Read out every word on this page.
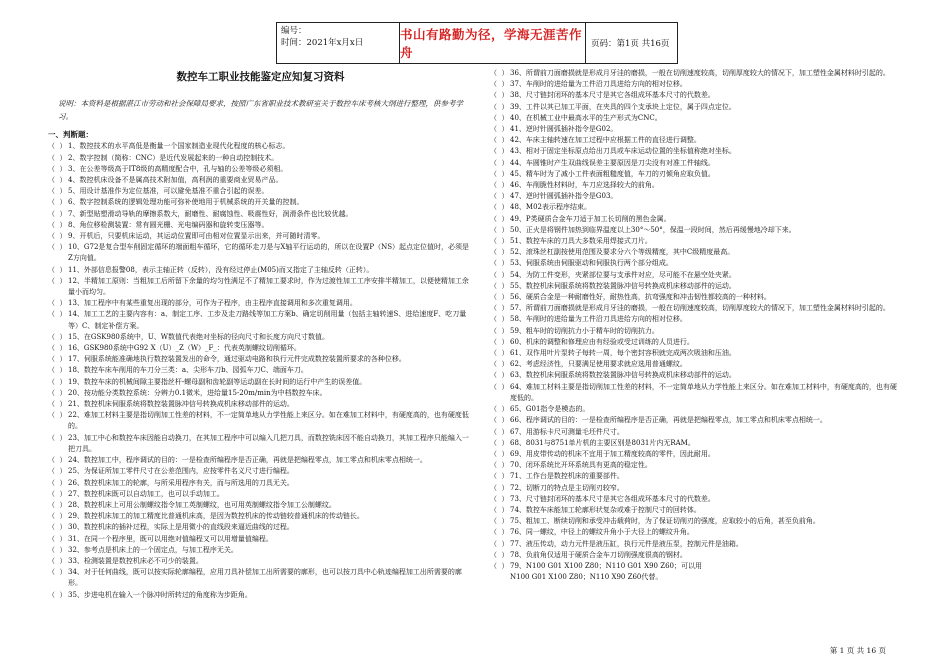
编号：
时间：2021年x月x日
书山有路勤为径，学海无涯苦作舟
页码：第1页 共16页
数控车工职业技能鉴定应知复习资料
说明：本资料是根据湛江市劳动和社会保障局要求，按照广东省职业技术教研室关于数控车床考核大纲进行整理，供参考学习。
一、判断题：
（  ） 1、数控技术的水平高低是衡量一个国家制造业现代化程度的核心标志。
（  ） 2、数字控制（简称：CNC）是近代发展起来的一种自动控制技术。
（  ） 3、在公差等级高于IT8级的高精度配合中，孔与轴的公差等级必须相。
（  ） 4、数控机床设备不是属高技术附加值，高利润的重要商业贸易产品。
（  ） 5、用设计基准作为定位基准，可以避免基准不重合引起的误差。
（  ） 6、数字控制系统的逻辑处理功能可弥补使地用于机械系统的开关量的控制。
（  ） 7、新型贴塑滑动导轨的摩擦系数大，耐磨性、耐腐蚀性、吸震性好，润滑条件也比较优越。
（  ） 8、角位移检测装置：常有圆光栅、光电编码器和旋转变压器等。
（  ） 9、开机后，只要机床运动，其运动位置即可由相对位置显示出来，并可随时清零。
（  ） 10、G72是复合型车削固定循环的端面粗车循环，它的循环走刀是与X轴平行运动的，所以在设置P（NS）起点定位值时，必须是Z方向值。
（  ） 11、外部信息报警08，表示主轴正转（反转），没有经过停止(M05)而又指定了主轴反转（正转）。
（  ） 12、半精加工原则：当粗加工后所留下余量的均匀性满足不了精加工要求时，作为过渡性加工工序安排半精加工，以便使精加工余量小而均匀。
（  ） 13、加工程序中有某些重复出现的部分，可作为子程序，由主程序直接调用和多次重复调用。
（  ） 14、加工工艺的主要内容有：a、制定工序、工步及走刀路线等加工方案b、确定切削用量（包括主轴转速S、进给速度F、吃刀量等）C、制定补偿方案。
（  ） 15、在GSK980系统中，U、W数值代表绝对坐标的径向尺寸和长度方向尺寸数值。
（  ） 16、GSK980系统中G92 X（U）_Z（W）_F_：代表英制螺纹切削循环。
（  ） 17、伺服系统能准确地执行数控装置发出的命令，通过驱动电路和执行元件完成数控装置所要求的各种位移。
（  ） 18、数控车床车削用的车刀分三类：a、尖形车刀b、园弧车刀C、端面车刀。
（  ） 19、数控车床的机械间隙主要指丝杆-螺母副和齿轮副等运动副在长时间的运行中产生的误差值。
（  ） 20、按功能分类数控系统：分辨力0.1微米，进给量15-20m/min为中档数控车床。
（  ） 21、数控机床伺服系统将数控装置脉冲信号转换成机床移动部件的运动。
（  ） 22、难加工材料主要是指切削加工性差的材料，不一定简单地从力学性能上来区分。如在难加工材料中，有硬度高的，也有硬度低的。
（  ） 23、加工中心和数控车床因能自动换刀，在其加工程序中可以编入几把刀具，而数控铣床因不能自动换刀，其加工程序只能编入一把刀具。
（  ） 24、数控加工中，程序调试的目的：一是检查所编程序是否正确，再就是把编程零点，加工零点和机床零点相统一。
（  ） 25、为保证所加工零件尺寸在公差范围内，应按零件名义尺寸进行编程。
（  ） 26、数控机床加工的轮廓，与所采用程序有关，而与所选用的刀具无关。
（  ） 27、数控机床既可以自动加工，也可以手动加工。
（  ） 28、数控机床上可用公制螺纹指令加工英制螺纹，也可用英制螺纹指令加工公制螺纹。
（  ） 29、数控机床加工的加工精度比普通机床高，是因为数控机床的传动链较普通机床的传动链长。
（  ） 30、数控机床的插补过程，实际上是用微小的直线段来逼近曲线的过程。
（  ） 31、在同一个程序里，既可以用绝对值编程又可以用增量值编程。
（  ） 32、参考点是机床上的一个固定点，与加工程序无关。
（  ） 33、检测装置是数控机床必不可少的装置。
（  ） 34、对于任何曲线，既可以按实际轮廓编程，应用刀具补偿加工出所需要的廓形，也可以按刀具中心轨迹编程加工出所需要的廓形。
（  ） 35、步进电机在输入一个脉冲时所转过的角度称为步距角。
（  ） 36、所谓前刀面磨损就是形成月牙洼的磨损，一般在切削速度较高，切削厚度较大的情况下，加工塑性金属材料时引起的。
（  ） 37、车削时的进给量为工件沿刀具进给方向的相对位移。
（  ） 38、尺寸链封闭环的基本尺寸是其它各组成环基本尺寸的代数差。
（  ） 39、工件以其已加工平面，在夹具的四个支承块上定位，属于四点定位。
（  ） 40、在机械工业中最高水平的生产形式为CNC。
（  ） 41、逆时针圆弧插补指令是G02。
（  ） 42、车床主轴转速在加工过程中应根据工件的直径进行调整。
（  ） 43、相对于固定坐标原点给出刀具或车床运动位置的坐标值称绝对坐标。
（  ） 44、车圆锥时产生双曲线误差主要原因是刀尖没有对准工件轴线。
（  ） 45、精车时为了减小工件表面粗糙度值，车刀的刃倾角应取负值。
（  ） 46、车削脆性材料时，车刀应选择较大的前角。
（  ） 47、逆时针圆弧插补指令是G03。
（  ） 48、M02表示程序结束。
（  ） 49、P类硬质合金车刀适于加工长切削的黑色金属。
（  ） 50、正火是将钢件加热到临界温度以上30°～50°，保温一段时间，然后再缓慢地冷却下来。
（  ） 51、数控车床的刀具大多数采用焊接式刀片。
（  ） 52、滚珠丝杠副按使用范围及要求分六个等级精度，其中C级精度最高。
（  ） 53、伺服系统由伺服驱动和伺服执行两个部分组成。
（  ） 54、为防工件变形，夹紧部位要与支承件对应，尽可能不在悬空处夹紧。
（  ） 55、数控机床伺服系统将数控装置脉冲信号转换成机床移动部件的运动。
（  ） 56、硬质合金是一种耐磨性好，耐热性高，抗弯强度和冲击韧性都较高的一种材料。
（  ） 57、所谓前刀面磨损就是形成月牙洼的磨损，一般在切削速度较高，切削厚度较大的情况下，加工塑性金属材料时引起的。
（  ） 58、车削时的进给量为工件沿刀具进给方向的相对位移。
（  ） 59、粗车时的切削抗力小于精车时的切削抗力。
（  ） 60、机床的调整和修理应由有经验或受过训练的人员进行。
（  ） 61、双作用叶片泵转子每转一周，每个密封容积就完成两次吸油和压油。
（  ） 62、考虑经济性，只要满足使用要求就应选用普通螺纹。
（  ） 63、数控机床伺服系统将数控装置脉冲信号转换成机床移动部件的运动。
（  ） 64、难加工材料主要是指切削加工性差的材料，不一定简单地从力学性能上来区分。如在难加工材料中，有硬度高的，也有硬度低的。
（  ） 65、G01指令是模态的。
（  ） 66、程序调试的目的：一是检查所编程序是否正确，再就是把编程零点，加工零点和机床零点相统一。
（  ） 67、用游标卡尺可测量毛坯件尺寸。
（  ） 68、8031与8751单片机的主要区别是8031片内无RAM。
（  ） 69、用皮带传动的机床不宜用于加工精度较高的零件，因此耐用。
（  ） 70、闭环系统比开环系统具有更高的稳定性。
（  ） 71、工作台是数控机床的重要部件。
（  ） 72、切断刀的特点是主切削刃较窄。
（  ） 73、尺寸链封闭环的基本尺寸是其它各组成环基本尺寸的代数差。
（  ） 74、数控车床能加工轮廓形状复杂或难于控制尺寸的回转体。
（  ） 75、粗加工、断续切削和承受冲击载荷时，为了保证切削刃的强度，应取较小的后角，甚至负前角。
（  ） 76、同一螺纹，中径上的螺纹升角小于大径上的螺纹升角。
（  ） 77、液压传动，动力元件是液压缸，执行元件是液压泵，控制元件是油箱。
（  ） 78、负前角仅适用于硬质合金车刀切削强度很高的钢材。
（  ） 79、N100 G01 X100 Z80；N110 G01 X90 Z60；可以用
N100 G01 X100 Z80；N110 X90 Z60代替。
第 1 页 共 16 页
